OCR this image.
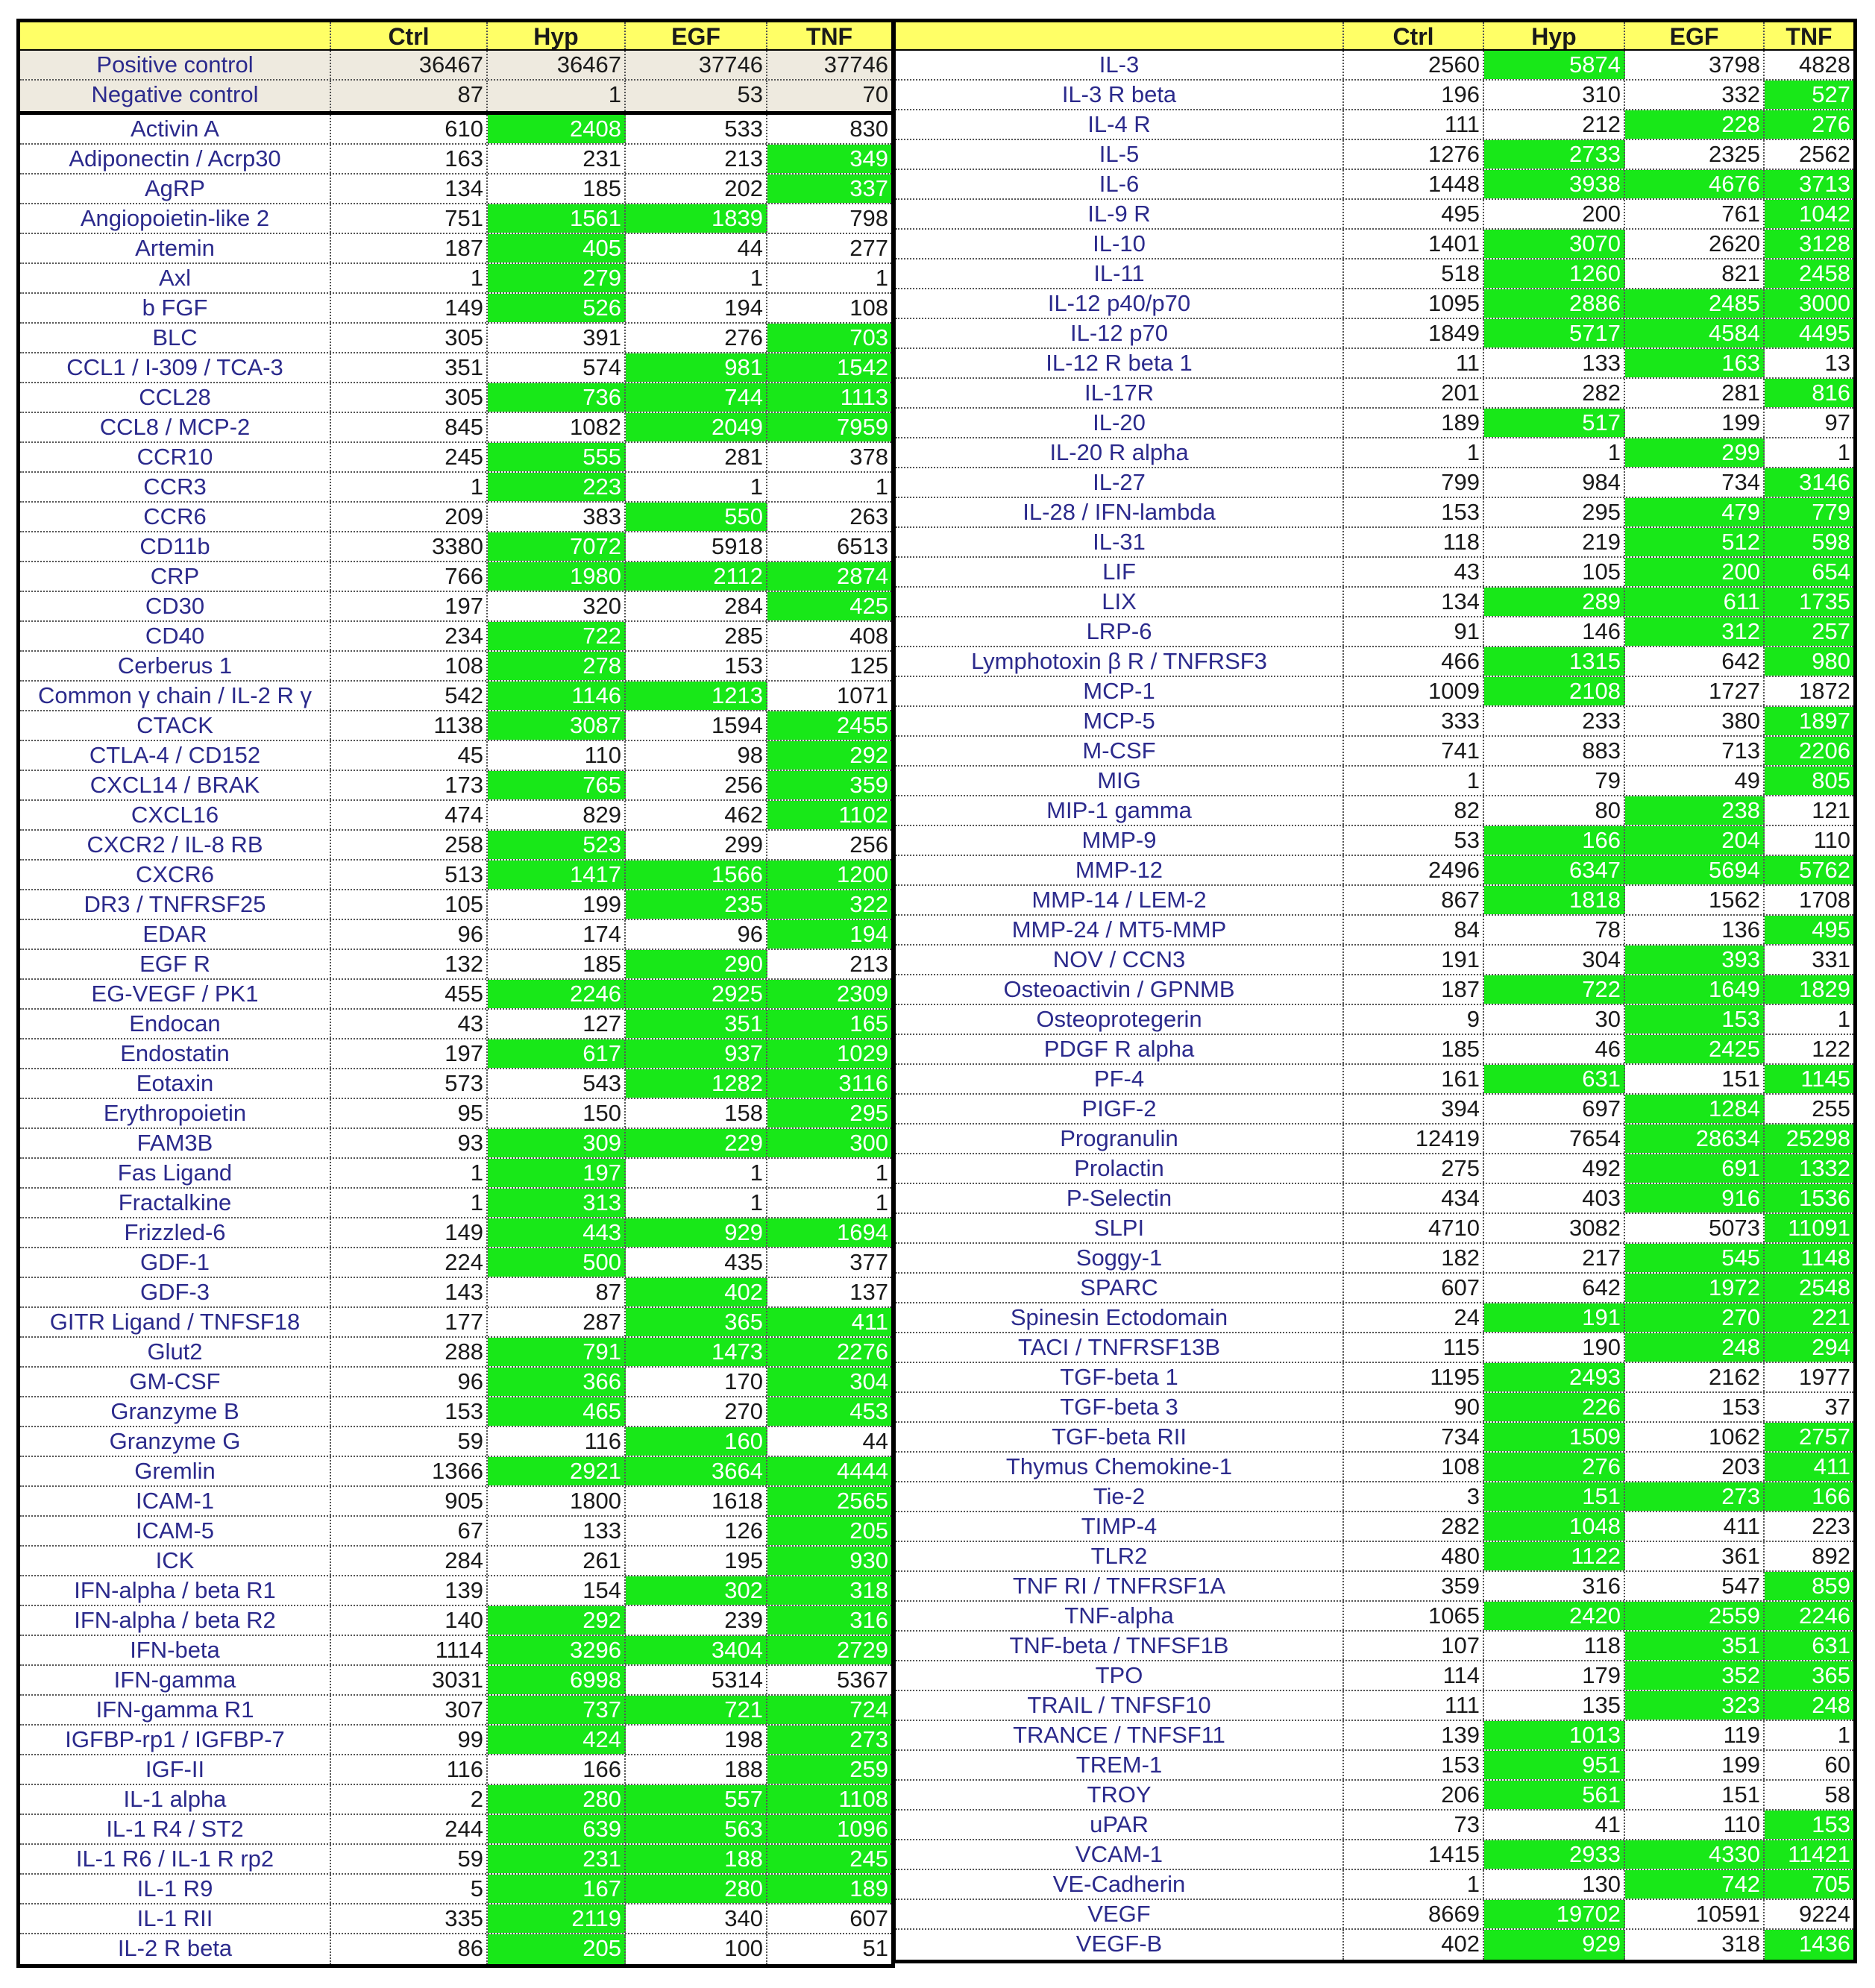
Ctrl	Hyp	EGF	TNF
Positive control	36467	36467	37746	37746
Negative control	87	1	53	70
Activin A	610	2408	533	830
Adiponectin / Acrp30	163	231	213	349
AgRP	134	185	202	337
Angiopoietin-like 2	751	1561	1839	798
Artemin	187	405	44	277
Axl	1	279	1	1
b FGF	149	526	194	108
BLC	305	391	276	703
CCL1 / I-309 / TCA-3	351	574	981	1542
CCL28	305	736	744	1113
CCL8 / MCP-2	845	1082	2049	7959
CCR10	245	555	281	378
CCR3	1	223	1	1
CCR6	209	383	550	263
CD11b	3380	7072	5918	6513
CRP	766	1980	2112	2874
CD30	197	320	284	425
CD40	234	722	285	408
Cerberus 1	108	278	153	125
Common γ chain / IL-2 R γ	542	1146	1213	1071
CTACK	1138	3087	1594	2455
CTLA-4 / CD152	45	110	98	292
CXCL14 / BRAK	173	765	256	359
CXCL16	474	829	462	1102
CXCR2 / IL-8 RB	258	523	299	256
CXCR6	513	1417	1566	1200
DR3 / TNFRSF25	105	199	235	322
EDAR	96	174	96	194
EGF R	132	185	290	213
EG-VEGF / PK1	455	2246	2925	2309
Endocan	43	127	351	165
Endostatin	197	617	937	1029
Eotaxin	573	543	1282	3116
Erythropoietin	95	150	158	295
FAM3B	93	309	229	300
Fas Ligand	1	197	1	1
Fractalkine	1	313	1	1
Frizzled-6	149	443	929	1694
GDF-1	224	500	435	377
GDF-3	143	87	402	137
GITR Ligand / TNFSF18	177	287	365	411
Glut2	288	791	1473	2276
GM-CSF	96	366	170	304
Granzyme B	153	465	270	453
Granzyme G	59	116	160	44
Gremlin	1366	2921	3664	4444
ICAM-1	905	1800	1618	2565
ICAM-5	67	133	126	205
ICK	284	261	195	930
IFN-alpha / beta R1	139	154	302	318
IFN-alpha / beta R2	140	292	239	316
IFN-beta	1114	3296	3404	2729
IFN-gamma	3031	6998	5314	5367
IFN-gamma R1	307	737	721	724
IGFBP-rp1 / IGFBP-7	99	424	198	273
IGF-II	116	166	188	259
IL-1 alpha	2	280	557	1108
IL-1 R4 / ST2	244	639	563	1096
IL-1 R6 / IL-1 R rp2	59	231	188	245
IL-1 R9	5	167	280	189
IL-1 RII	335	2119	340	607
IL-2 R beta	86	205	100	51
Ctrl	Hyp	EGF	TNF
IL-3	2560	5874	3798	4828
IL-3 R beta	196	310	332	527
IL-4 R	111	212	228	276
IL-5	1276	2733	2325	2562
IL-6	1448	3938	4676	3713
IL-9 R	495	200	761	1042
IL-10	1401	3070	2620	3128
IL-11	518	1260	821	2458
IL-12 p40/p70	1095	2886	2485	3000
IL-12 p70	1849	5717	4584	4495
IL-12 R beta 1	11	133	163	13
IL-17R	201	282	281	816
IL-20	189	517	199	97
IL-20 R alpha	1	1	299	1
IL-27	799	984	734	3146
IL-28 / IFN-lambda	153	295	479	779
IL-31	118	219	512	598
LIF	43	105	200	654
LIX	134	289	611	1735
LRP-6	91	146	312	257
Lymphotoxin β R / TNFRSF3	466	1315	642	980
MCP-1	1009	2108	1727	1872
MCP-5	333	233	380	1897
M-CSF	741	883	713	2206
MIG	1	79	49	805
MIP-1 gamma	82	80	238	121
MMP-9	53	166	204	110
MMP-12	2496	6347	5694	5762
MMP-14 / LEM-2	867	1818	1562	1708
MMP-24 / MT5-MMP	84	78	136	495
NOV / CCN3	191	304	393	331
Osteoactivin / GPNMB	187	722	1649	1829
Osteoprotegerin	9	30	153	1
PDGF R alpha	185	46	2425	122
PF-4	161	631	151	1145
PIGF-2	394	697	1284	255
Progranulin	12419	7654	28634	25298
Prolactin	275	492	691	1332
P-Selectin	434	403	916	1536
SLPI	4710	3082	5073	11091
Soggy-1	182	217	545	1148
SPARC	607	642	1972	2548
Spinesin Ectodomain	24	191	270	221
TACI / TNFRSF13B	115	190	248	294
TGF-beta 1	1195	2493	2162	1977
TGF-beta 3	90	226	153	37
TGF-beta RII	734	1509	1062	2757
Thymus Chemokine-1	108	276	203	411
Tie-2	3	151	273	166
TIMP-4	282	1048	411	223
TLR2	480	1122	361	892
TNF RI / TNFRSF1A	359	316	547	859
TNF-alpha	1065	2420	2559	2246
TNF-beta / TNFSF1B	107	118	351	631
TPO	114	179	352	365
TRAIL / TNFSF10	111	135	323	248
TRANCE / TNFSF11	139	1013	119	1
TREM-1	153	951	199	60
TROY	206	561	151	58
uPAR	73	41	110	153
VCAM-1	1415	2933	4330	11421
VE-Cadherin	1	130	742	705
VEGF	8669	19702	10591	9224
VEGF-B	402	929	318	1436
